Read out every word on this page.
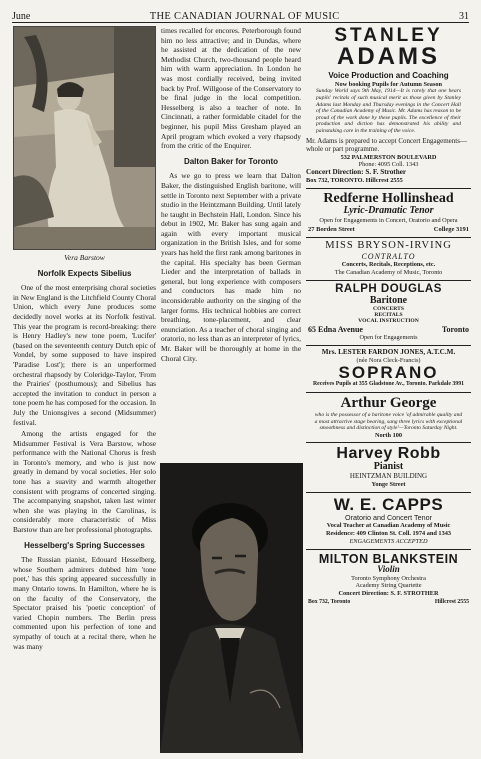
June	THE CANADIAN JOURNAL OF MUSIC	31
Vera Barstow
Norfolk Expects Sibelius

One of the most enterprising choral societies in New England is the Litchfield County Choral Union, which every June produces some decidedly novel works at its Norfolk festival. This year the program is record-breaking: there is Henry Hadley's new tone poem, 'Lucifer' (based on the seventeenth century Dutch epic of Vondel, by some supposed to have inspired 'Paradise Lost'); there is an unperformed orchestral rhapsody by Coleridge-Taylor, 'From the Prairies' (posthumous); and Sibelius has accepted the invitation to conduct in person a tone poem he has composed for the occasion. In July the Unionsgives a second (Midsummer) festival.

Among the artists engaged for the Midsummer Festival is Vera Barstow, whose performance with the National Chorus is fresh in Toronto's memory, and who is just now greatly in demand by vocal societies. Her solo tone has a suavity and warmth altogether consistent with programs of concerted singing. The accompanying snapshot, taken last winter when she was playing in the Carolinas, is considerably more characteristic of Miss Barstow than are her professional photographs.

Hesselberg's Spring Successes

The Russian pianist, Edouard Hesselberg, whose Southern admirers dubbed him 'tone poet,' has this spring appeared successfully in many Ontario towns. In Hamilton, where he is on the faculty of the Conservatory, the Spectator praised his 'poetic conception' of varied Chopin numbers. The Berlin press commented upon his perfection of tone and sympathy of touch at a recital there, when he was many

times recalled for encores. Peterborough found him no less attractive; and in Dundas, where he assisted at the dedication of the new Methodist Church, two-thousand people heard him with warm appreciation. In London he was most cordially received, being invited back by Prof. Willgoose of the Conservatory to be final judge in the local competition. Hesselberg is also a teacher of note. In Cincinnati, a rather formidable citadel for the beginner, his pupil Miss Gresham played an April program which evoked a very rhapsody from the critic of the Enquirer.

Dalton Baker for Toronto

As we go to press we learn that Dalton Baker, the distinguished English baritone, will settle in Toronto next September with a private studio in the Heintzmann Building. Until lately he taught in Bechstein Hall, London. Since his debut in 1902, Mr. Baker has sung again and again with every important musical organization in the British Isles, and for some years has held the first rank among baritones in the capital. His specialty has been German Lieder and the interpretation of ballads in general, but long experience with composers and conductors has made him no inconsiderable authority on the singing of the larger forms. His technical hobbies are correct breathing, tone-placement, and clear enunciation. As a teacher of choral singing and oratorio, no less than as an interpreter of lyrics, Mr. Baker will be thoroughly at home in the Choral City.

STANLEY
ADAMS
Voice Production and Coaching
Now booking Pupils for Autumn Season
Sunday World says 9th May, 1914—It is rarely that one hears pupils' recitals of such musical merit as those given by Stanley Adams last Monday and Thursday evenings in the Concert Hall of the Canadian Academy of Music. Mr. Adams has reason to be proud of the work done by these pupils. The excellence of their production and diction has demonstrated his ability and painstaking care in the training of the voice.
Mr. Adams is prepared to accept Concert Engagements—whole or part programme.
532 PALMERSTON BOULEVARD
Phone: 4095 Coll. 1343
Concert Direction: S. F. Strother
Box 732, TORONTO. Hillcrest 2555
Redferne Hollinshead
Lyric-Dramatic Tenor
Open for Engagements in Concert, Oratorio and Opera
27 Borden Street	College 3191
MISS BRYSON-IRVING
CONTRALTO
Concerts, Recitals, Receptions, etc.
The Canadian Academy of Music, Toronto
RALPH DOUGLAS
Baritone
CONCERTS
RECITALS
VOCAL INSTRUCTION
65 Edna Avenue	Toronto
Open for Engagements
Mrs. LESTER FARDON JONES, A.T.C.M.
(née Nora Cleck-Francis)
SOPRANO
Receives Pupils at 355 Gladstone Av., Toronto. Parkdale 3991
Arthur George
who is the possessor of a baritone voice 'of admirable quality and a most attractive stage bearing, sang three lyrics with exceptional smoothness and distinction of style'—Toronto Saturday Night.
North 100
Harvey Robb
Pianist
HEINTZMAN BUILDING
Yonge Street
W. E. CAPPS
Oratorio and Concert Tenor
Vocal Teacher at Canadian Academy of Music
Residence: 409 Clinton St. Coll. 1974 and 1343
ENGAGEMENTS ACCEPTED
MILTON BLANKSTEIN
Violin
Toronto Symphony Orchestra
Academy String Quartette
Concert Direction: S. F. STROTHER
Box 732, Toronto	Hillcrest 2555
